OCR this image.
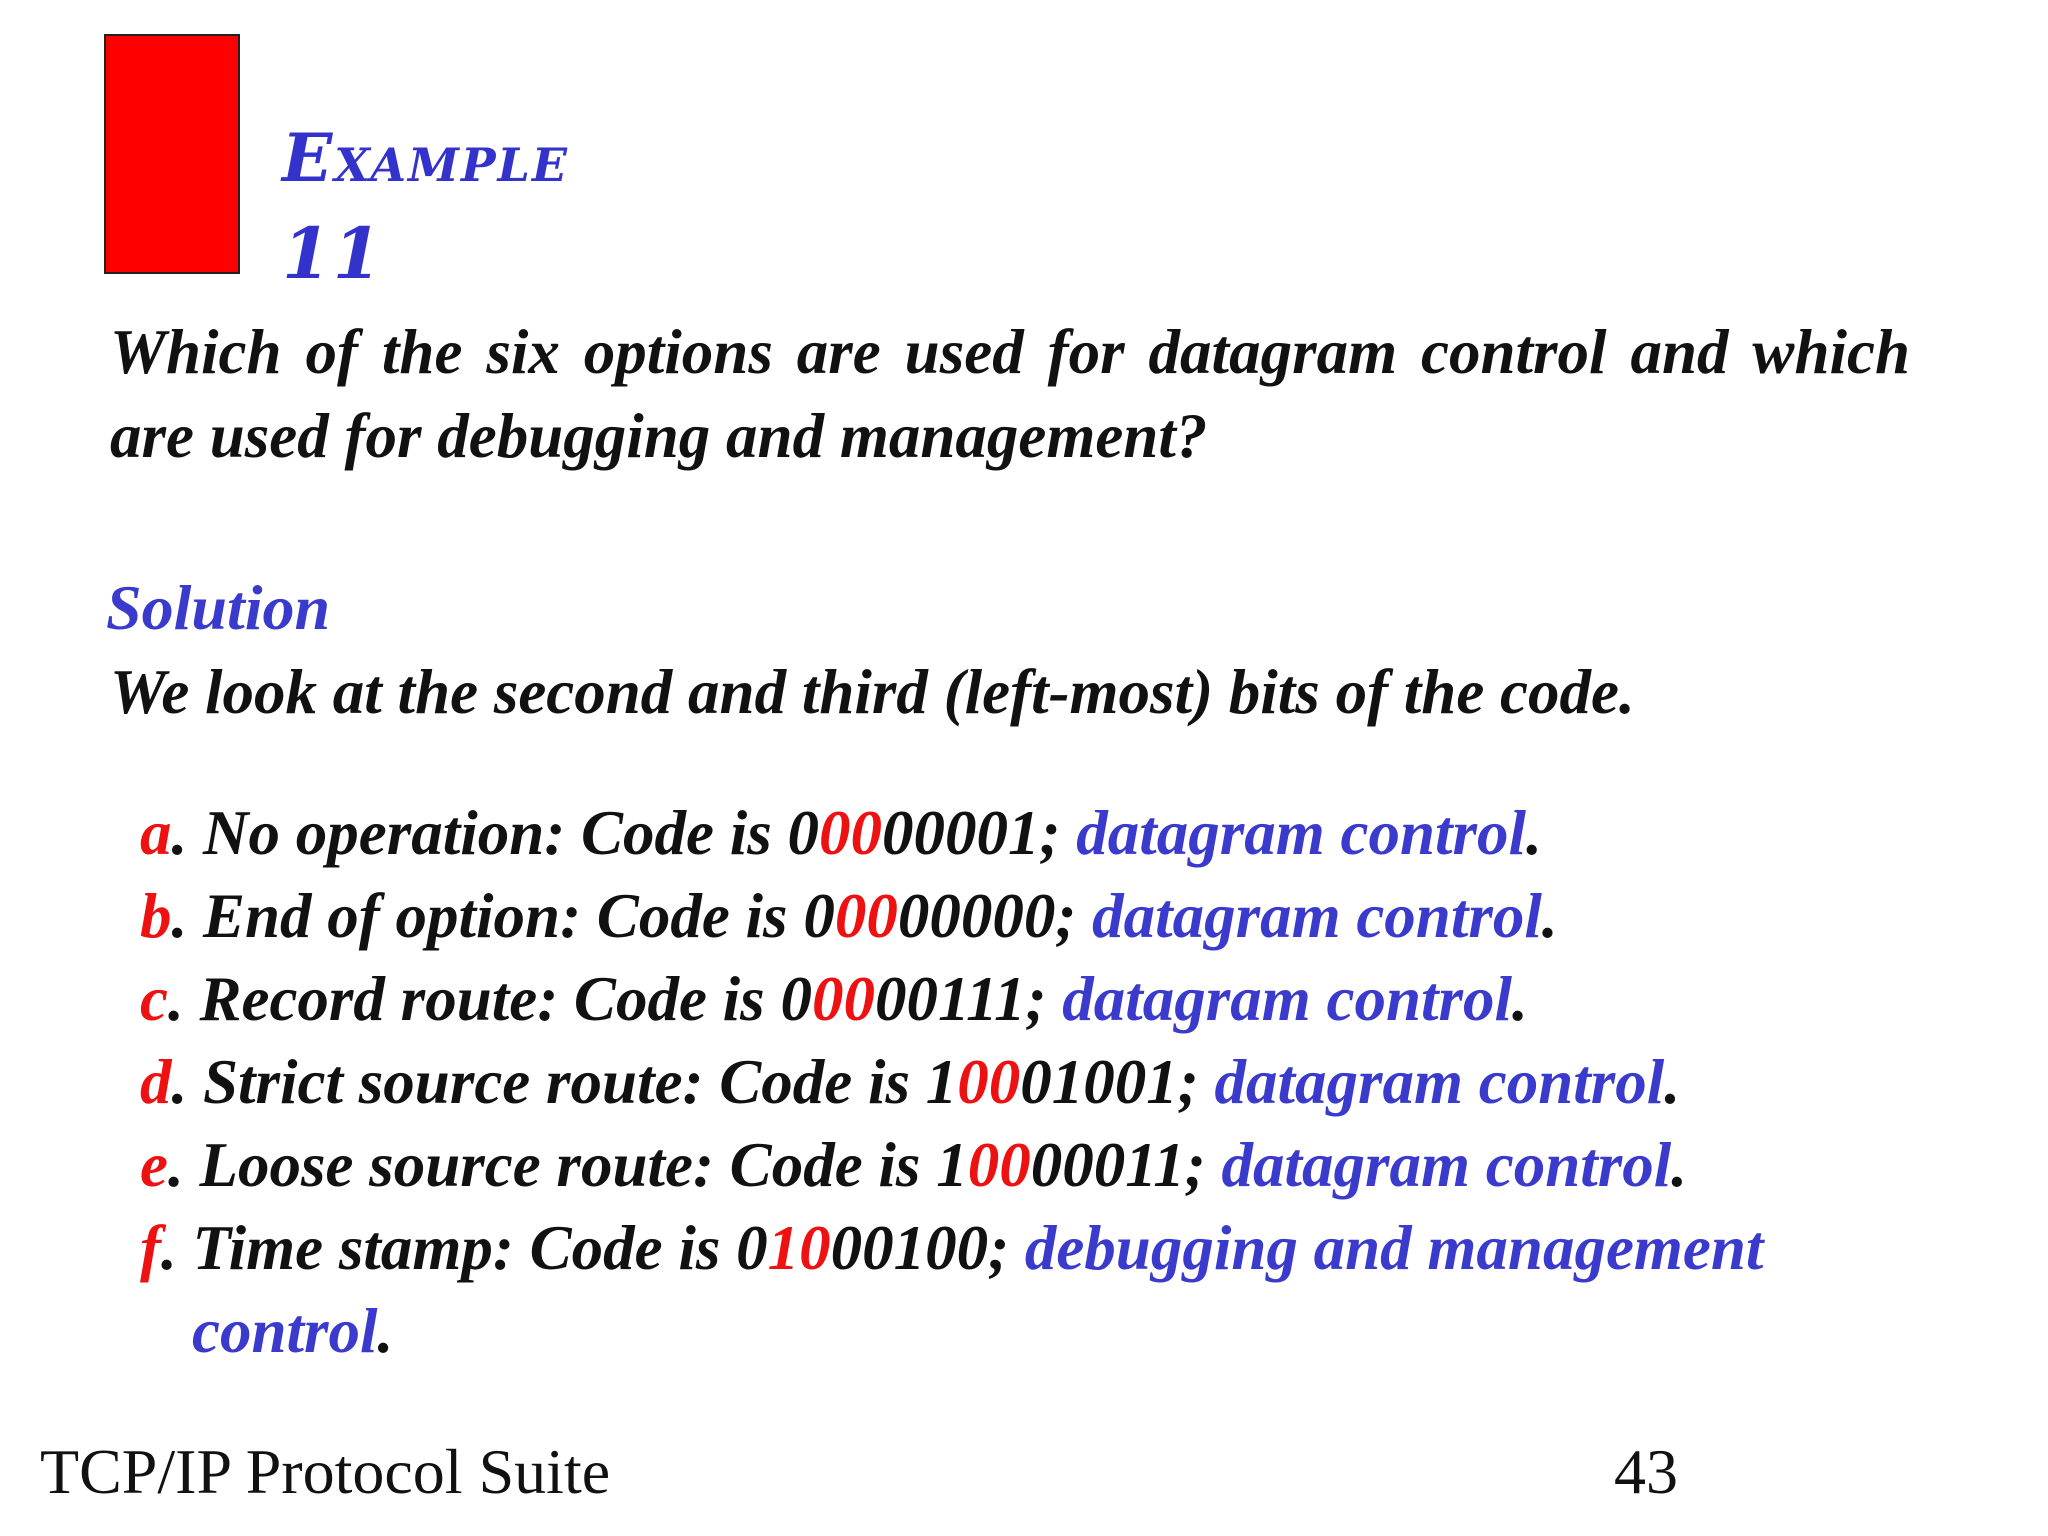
Example
11
Which of the six options are used for datagram control and which are used for debugging and management?
Solution
We look at the second and third (left-most) bits of the code.
a. No operation: Code is 00000001; datagram control.
b. End of option: Code is 00000000; datagram control.
c. Record route: Code is 00000111; datagram control.
d. Strict source route: Code is 10001001; datagram control.
e. Loose source route: Code is 10000011; datagram control.
f. Time stamp: Code is 01000100; debugging and management
control.
TCP/IP Protocol Suite	43
